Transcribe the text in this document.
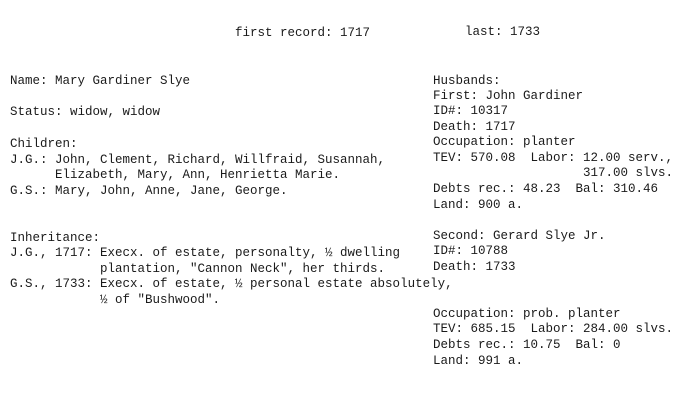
first record: 1717	last: 1733
Name: Mary Gardiner Slye
Status: widow, widow
Children:
J.G.: John, Clement, Richard, Willfraid, Susannah,
Elizabeth, Mary, Ann, Henrietta Marie.
G.S.: Mary, John, Anne, Jane, George.
Inheritance:
J.G., 1717: Execx. of estate, personalty, ½ dwelling
plantation, "Cannon Neck", her thirds.
G.S., 1733: Execx. of estate, ½ personal estate absolutely,
½ of "Bushwood".
Husbands:
First: John Gardiner
ID#: 10317
Death: 1717
Occupation: planter
TEV: 570.08  Labor: 12.00 serv.,
317.00 slvs.
Debts rec.: 48.23  Bal: 310.46
Land: 900 a.
Second: Gerard Slye Jr.
ID#: 10788
Death: 1733
Occupation: prob. planter
TEV: 685.15  Labor: 284.00 slvs.
Debts rec.: 10.75  Bal: 0
Land: 991 a.
